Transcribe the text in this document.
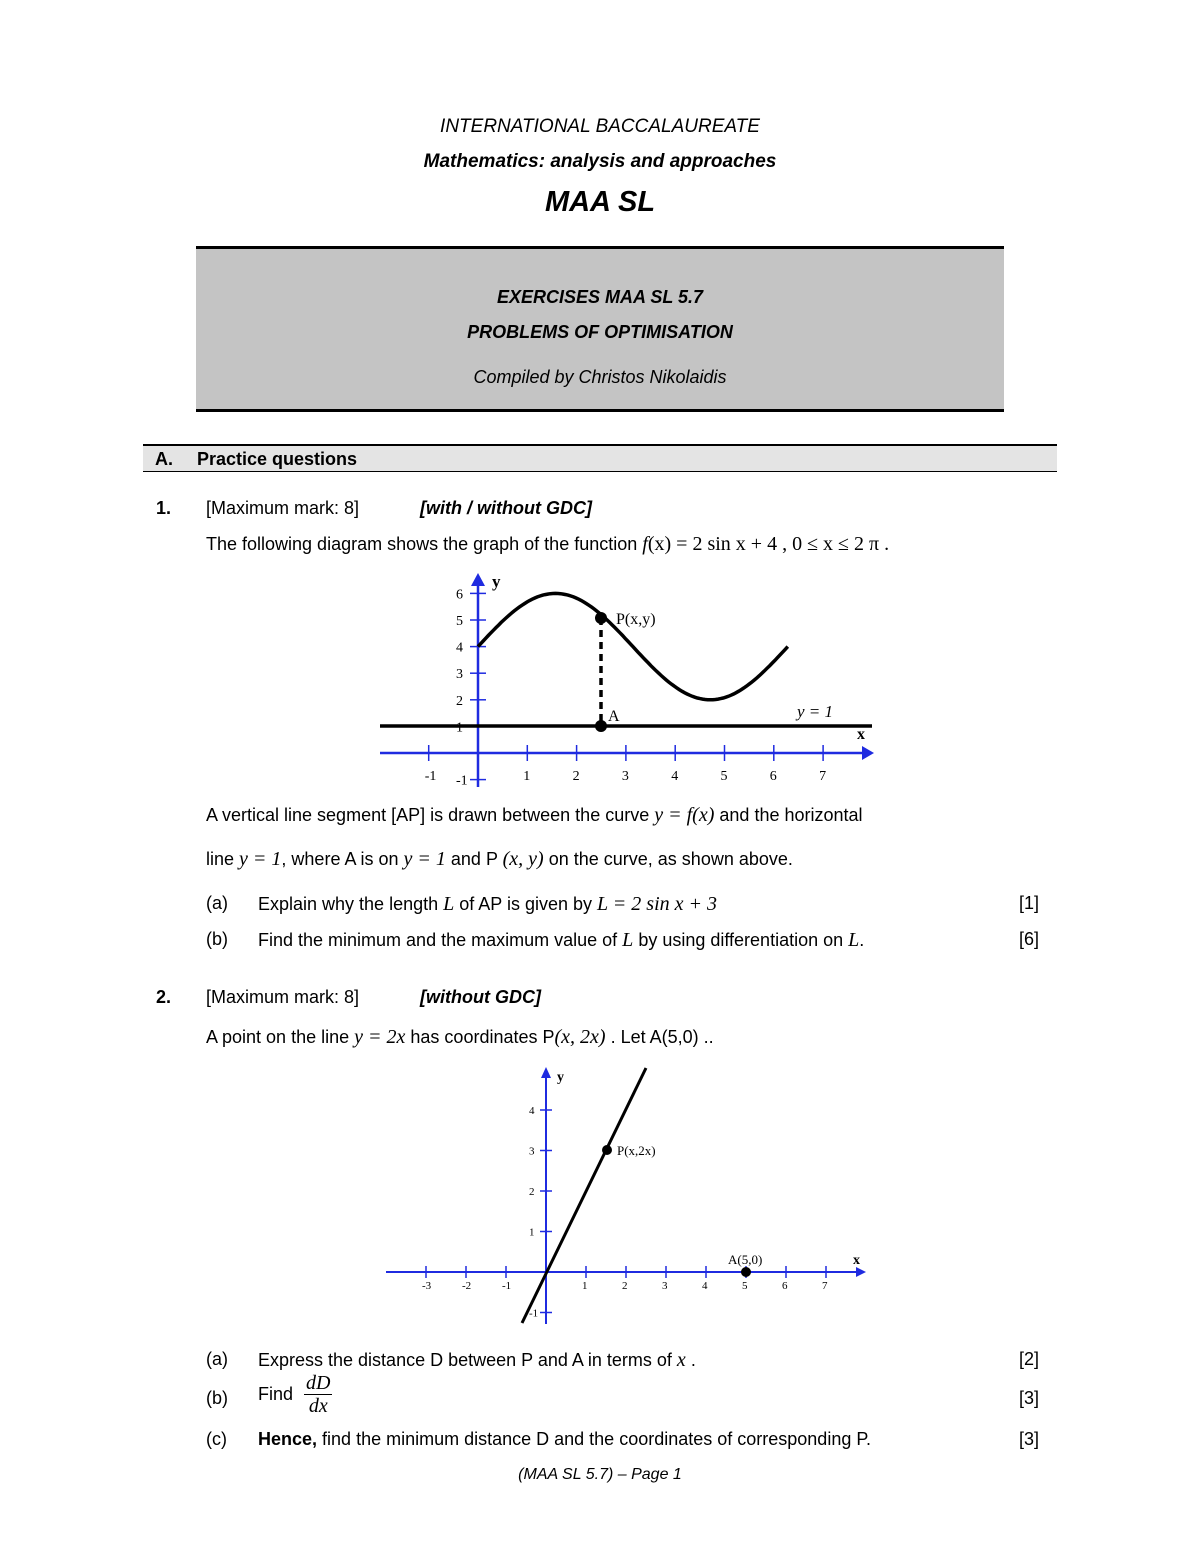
INTERNATIONAL BACCALAUREATE
Mathematics: analysis and approaches
MAA SL
EXERCISES MAA SL 5.7
PROBLEMS OF OPTIMISATION
Compiled by Christos Nikolaidis
A. Practice questions
1. [Maximum mark: 8]	[with / without GDC]
The following diagram shows the graph of the function f(x) = 2 sin x + 4 , 0 ≤ x ≤ 2 π .
-1	1	2	3	4	5	6	7
-1
1
2
3
4
5
6
P(x,y)
A	y = 1
y
x
A vertical line segment [AP] is drawn between the curve y = f(x) and the horizontal
line y = 1, where A is on y = 1 and P (x, y) on the curve, as shown above.
(a) Explain why the length L of AP is given by L = 2 sin x + 3	[1]
(b) Find the minimum and the maximum value of L by using differentiation on L.	[6]
2. [Maximum mark: 8]	[without GDC]
A point on the line y = 2x has coordinates P(x, 2x) . Let A(5,0) ..
-3	-2	-1	1	2	3	4	5	6	7
-1
1
2
3
4
P(x,2x)
A(5,0)
y
x
(a) Express the distance D between P and A in terms of x .	[2]
(b) Find $\frac{dD}{dx}$	[3]
(c) Hence, find the minimum distance D and the coordinates of corresponding P.	[3]
(MAA SL 5.7) – Page 1
